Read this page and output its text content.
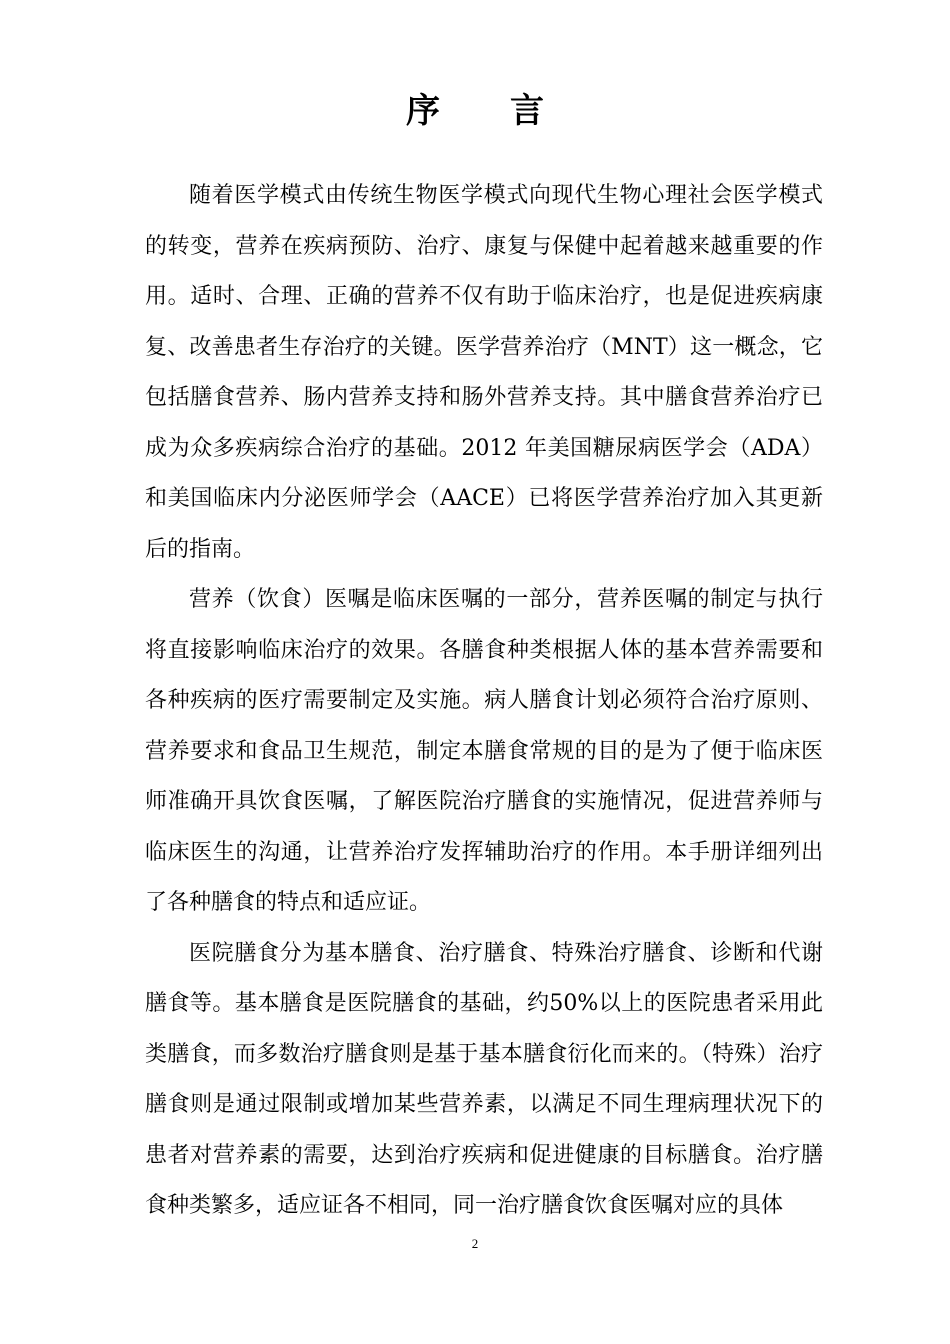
序 言

随着医学模式由传统生物医学模式向现代生物心理社会医学模式的转变，营养在疾病预防、治疗、康复与保健中起着越来越重要的作用。适时、合理、正确的营养不仅有助于临床治疗，也是促进疾病康复、改善患者生存治疗的关键。医学营养治疗（MNT）这一概念，它包括膳食营养、肠内营养支持和肠外营养支持。其中膳食营养治疗已成为众多疾病综合治疗的基础。2012 年美国糖尿病医学会（ADA）和美国临床内分泌医师学会（AACE）已将医学营养治疗加入其更新后的指南。

营养（饮食）医嘱是临床医嘱的一部分，营养医嘱的制定与执行将直接影响临床治疗的效果。各膳食种类根据人体的基本营养需要和各种疾病的医疗需要制定及实施。病人膳食计划必须符合治疗原则、营养要求和食品卫生规范，制定本膳食常规的目的是为了便于临床医师准确开具饮食医嘱，了解医院治疗膳食的实施情况，促进营养师与临床医生的沟通，让营养治疗发挥辅助治疗的作用。本手册详细列出了各种膳食的特点和适应证。

医院膳食分为基本膳食、治疗膳食、特殊治疗膳食、诊断和代谢膳食等。基本膳食是医院膳食的基础，约50%以上的医院患者采用此类膳食，而多数治疗膳食则是基于基本膳食衍化而来的。（特殊）治疗膳食则是通过限制或增加某些营养素，以满足不同生理病理状况下的患者对营养素的需要，达到治疗疾病和促进健康的目标膳食。治疗膳食种类繁多，适应证各不相同，同一治疗膳食饮食医嘱对应的具体

2
